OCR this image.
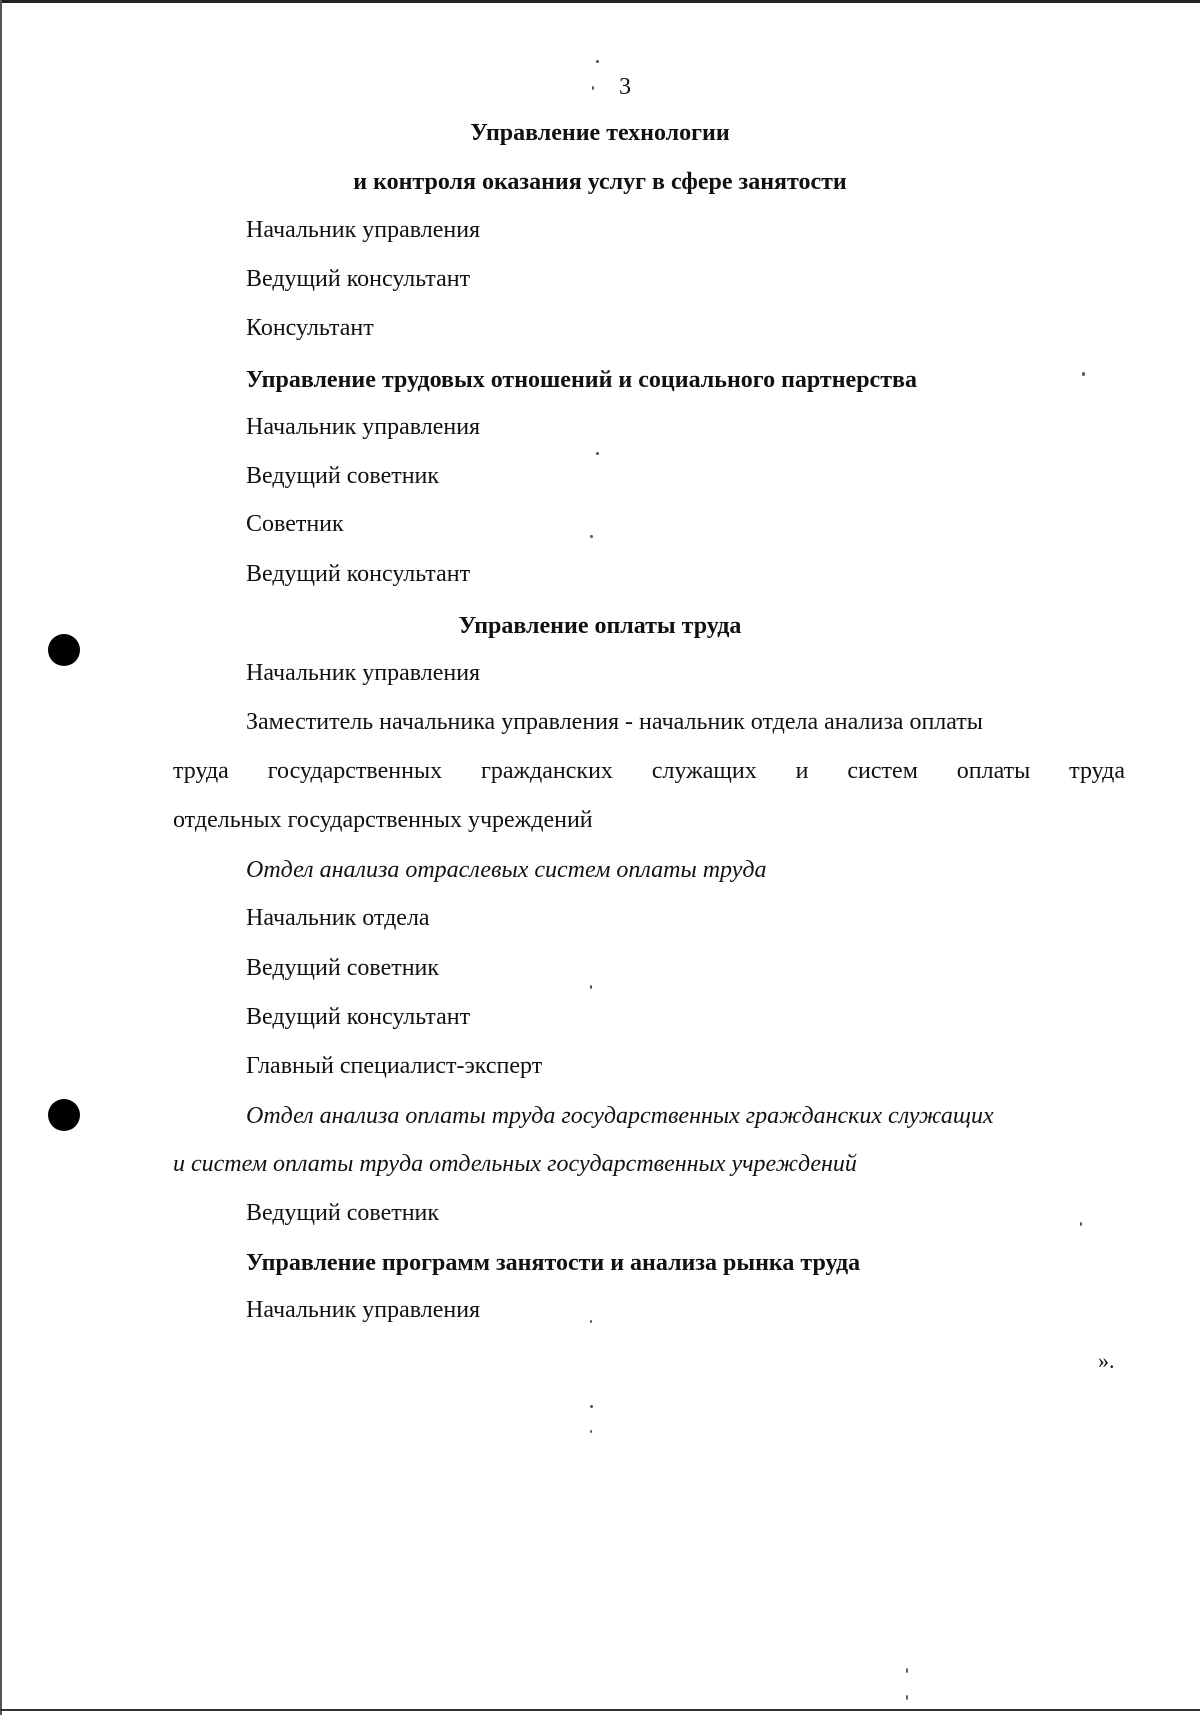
3
Управление технологии
и контроля оказания услуг в сфере занятости
Начальник управления
Ведущий консультант
Консультант
Управление трудовых отношений и социального партнерства
Начальник управления
Ведущий советник
Советник
Ведущий консультант
Управление оплаты труда
Начальник управления
Заместитель начальника управления - начальник отдела анализа оплаты
труда государственных гражданских служащих и систем оплаты труда
отдельных государственных учреждений
Отдел анализа отраслевых систем оплаты труда
Начальник отдела
Ведущий советник
Ведущий консультант
Главный специалист-эксперт
Отдел анализа оплаты труда государственных гражданских служащих
и систем оплаты труда отдельных государственных учреждений
Ведущий советник
Управление программ занятости и анализа рынка труда
Начальник управления
».
